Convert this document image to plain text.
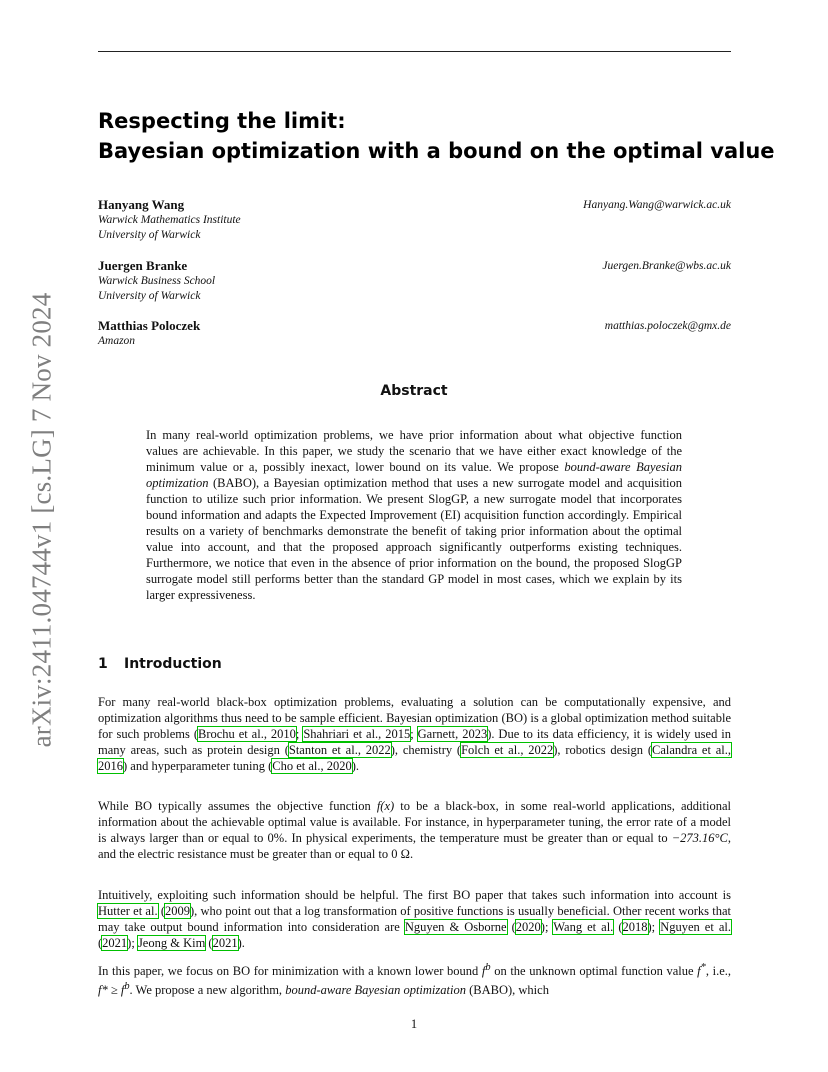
arXiv:2411.04744v1 [cs.LG] 7 Nov 2024
Respecting the limit:
Bayesian optimization with a bound on the optimal value
Hanyang Wang
Warwick Mathematics Institute
University of Warwick
Hanyang.Wang@warwick.ac.uk
Juergen Branke
Warwick Business School
University of Warwick
Juergen.Branke@wbs.ac.uk
Matthias Poloczek
Amazon
matthias.poloczek@gmx.de
Abstract
In many real-world optimization problems, we have prior information about what objective function values are achievable. In this paper, we study the scenario that we have either exact knowledge of the minimum value or a, possibly inexact, lower bound on its value. We propose bound-aware Bayesian optimization (BABO), a Bayesian optimization method that uses a new surrogate model and acquisition function to utilize such prior information. We present SlogGP, a new surrogate model that incorporates bound information and adapts the Expected Improvement (EI) acquisition function accordingly. Empirical results on a variety of benchmarks demonstrate the benefit of taking prior information about the optimal value into account, and that the proposed approach significantly outperforms existing techniques. Furthermore, we notice that even in the absence of prior information on the bound, the proposed SlogGP surrogate model still performs better than the standard GP model in most cases, which we explain by its larger expressiveness.
1 Introduction
For many real-world black-box optimization problems, evaluating a solution can be computationally expensive, and optimization algorithms thus need to be sample efficient. Bayesian optimization (BO) is a global optimization method suitable for such problems (Brochu et al., 2010; Shahriari et al., 2015; Garnett, 2023). Due to its data efficiency, it is widely used in many areas, such as protein design (Stanton et al., 2022), chemistry (Folch et al., 2022), robotics design (Calandra et al., 2016) and hyperparameter tuning (Cho et al., 2020).
While BO typically assumes the objective function f(x) to be a black-box, in some real-world applications, additional information about the achievable optimal value is available. For instance, in hyperparameter tuning, the error rate of a model is always larger than or equal to 0%. In physical experiments, the temperature must be greater than or equal to −273.16°C, and the electric resistance must be greater than or equal to 0 Ω.
Intuitively, exploiting such information should be helpful. The first BO paper that takes such information into account is Hutter et al. (2009), who point out that a log transformation of positive functions is usually beneficial. Other recent works that may take output bound information into consideration are Nguyen & Osborne (2020); Wang et al. (2018); Nguyen et al. (2021); Jeong & Kim (2021).
In this paper, we focus on BO for minimization with a known lower bound $f^b$ on the unknown optimal function value f*, i.e., $f* \ge f^b$. We propose a new algorithm, bound-aware Bayesian optimization (BABO), which
1
